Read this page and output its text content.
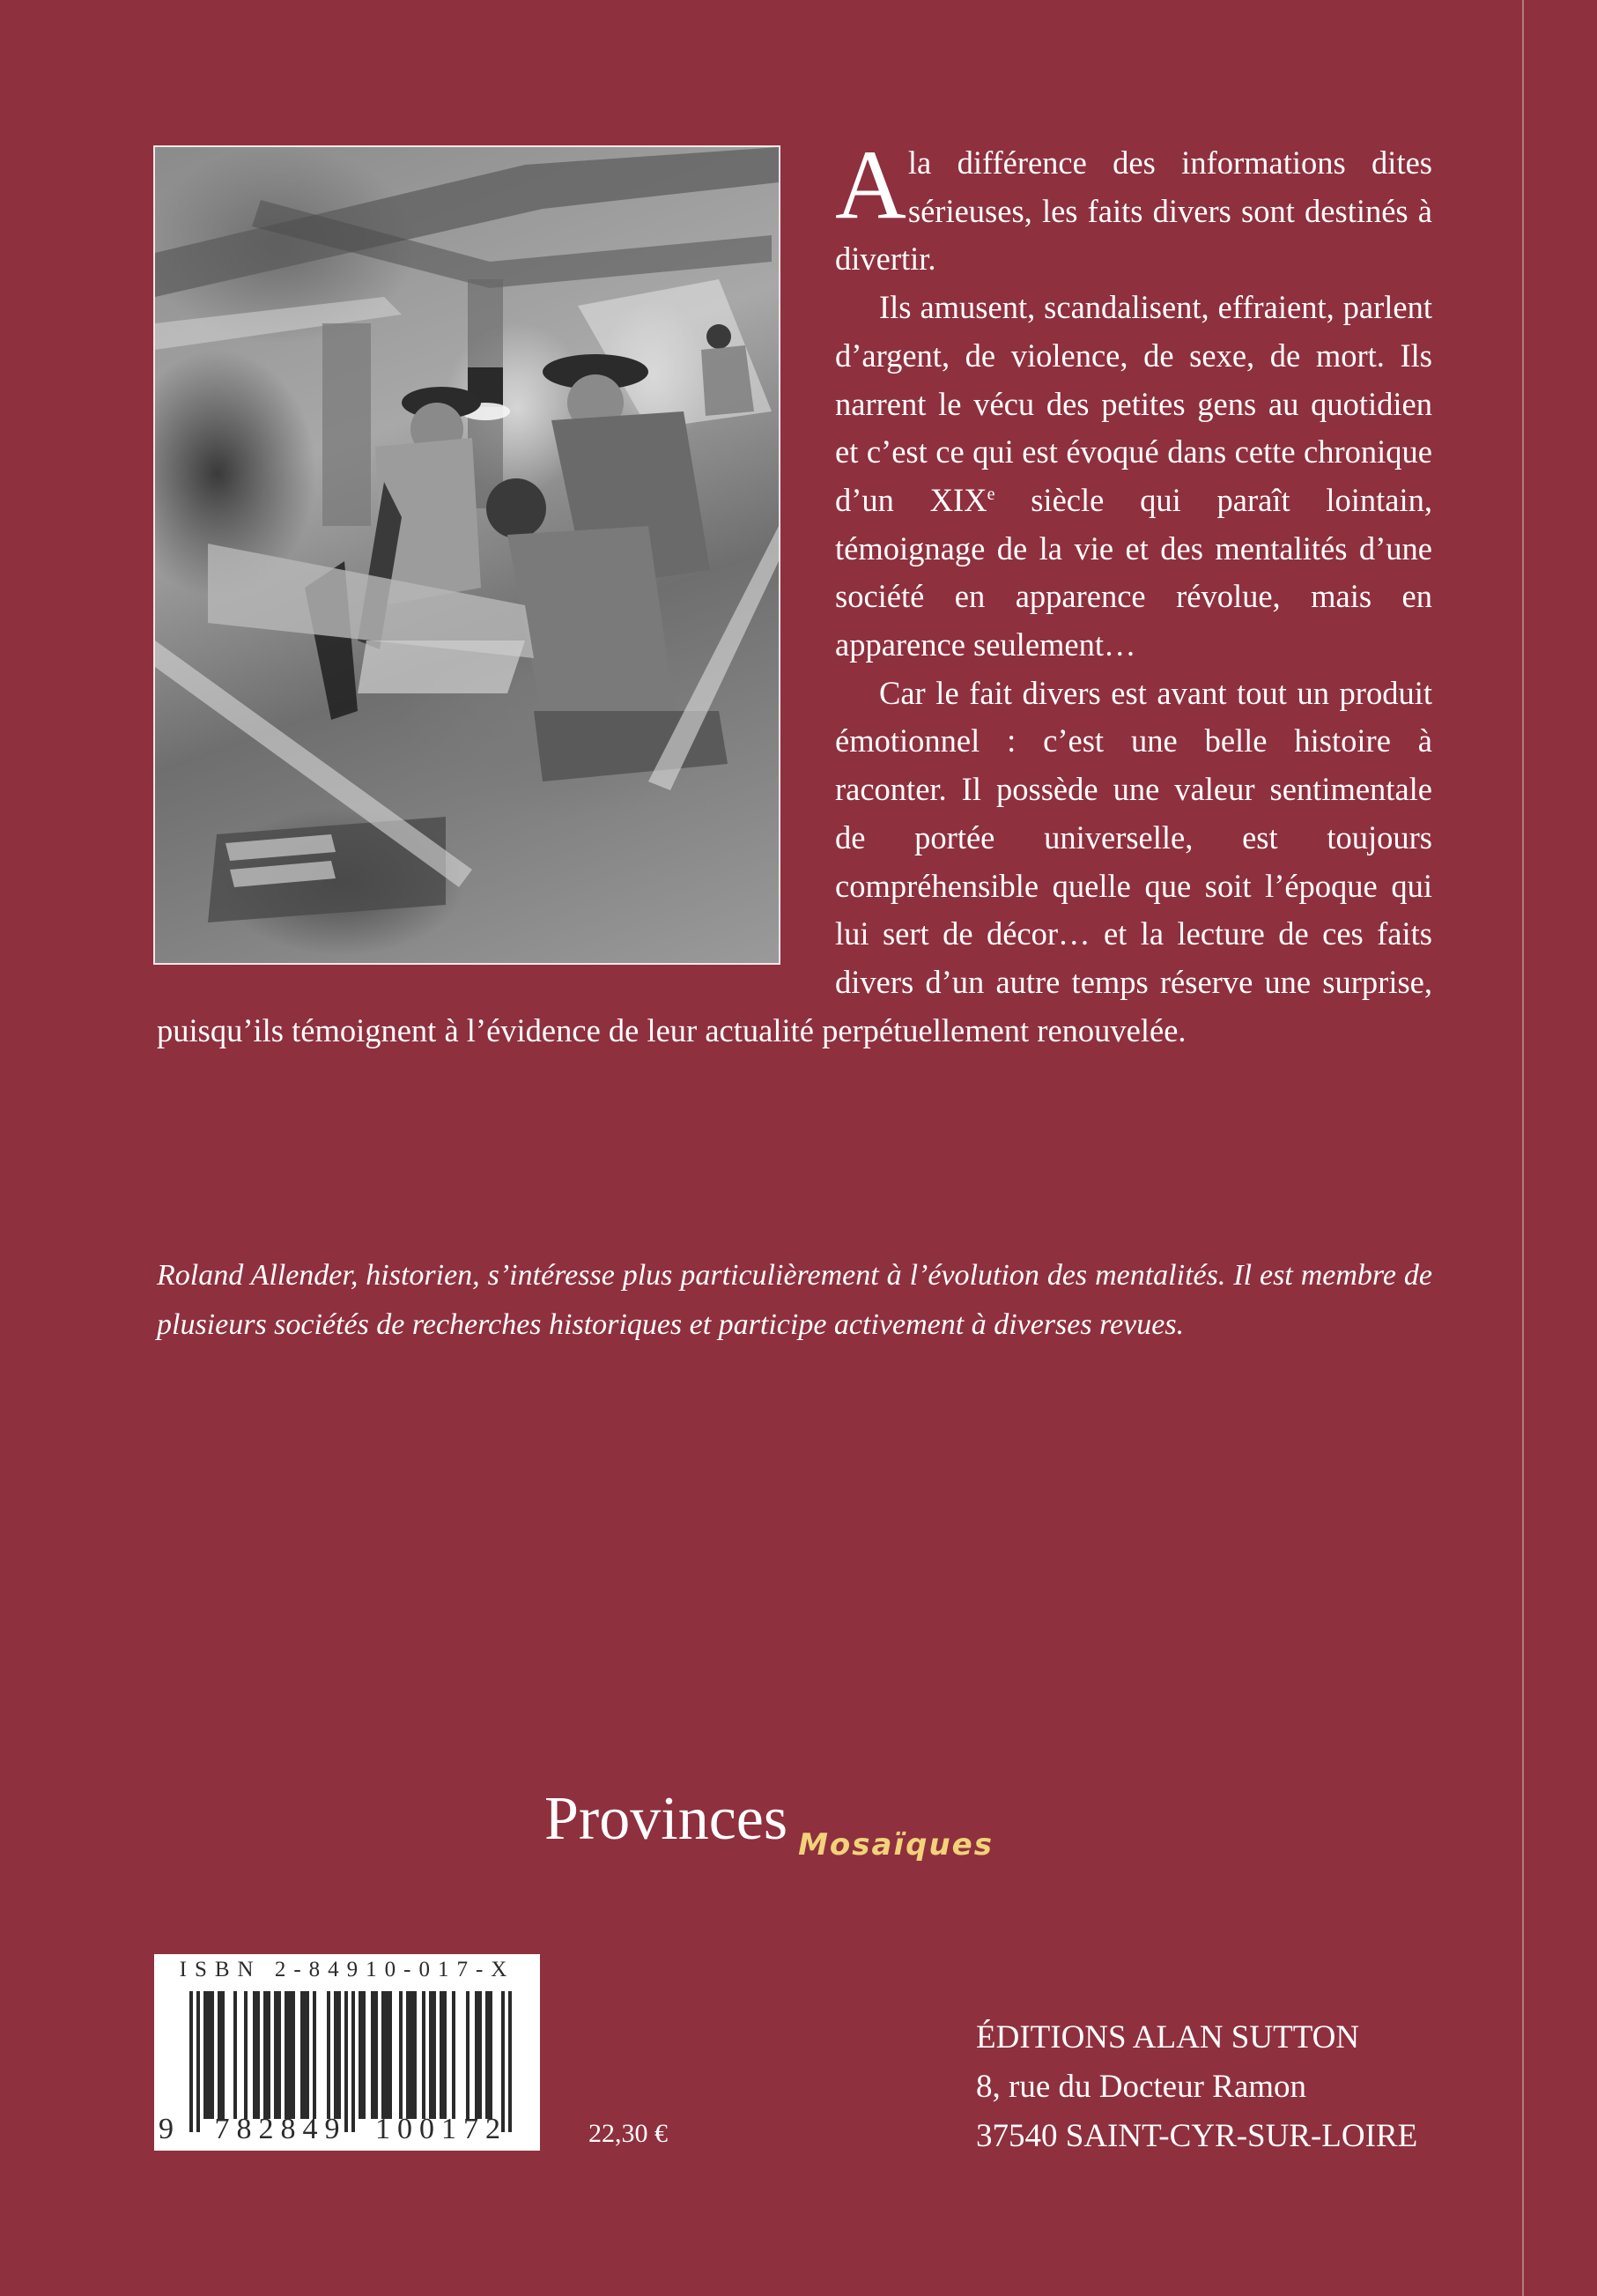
Ala différence des informations dites sérieuses, les faits divers sont destinés à divertir.

Ils amusent, scandalisent, effraient, parlent d’argent, de violence, de sexe, de mort. Ils narrent le vécu des petites gens au quotidien et c’est ce qui est évoqué dans cette chronique d’un XIXe siècle qui paraît lointain, témoignage de la vie et des mentalités d’une société en apparence révolue, mais en apparence seulement…

Car le fait divers est avant tout un produit émotionnel : c’est une belle histoire à raconter. Il possède une valeur sentimentale de portée universelle, est toujours compréhensible quelle que soit l’époque qui lui sert de décor… et la lecture de ces faits divers d’un autre temps réserve une surprise, puisqu’ils témoignent à l’évidence de leur actualité perpétuellement renouvelée.

Roland Allender, historien, s’intéresse plus particulièrement à l’évolution des mentalités. Il est membre de plusieurs sociétés de recherches historiques et participe activement à diverses revues.
Provinces Mosaïques
ISBN 2-84910-017-X
9 782849 100172	22,30 €
ÉDITIONS ALAN SUTTON
8, rue du Docteur Ramon
37540 SAINT-CYR-SUR-LOIRE
